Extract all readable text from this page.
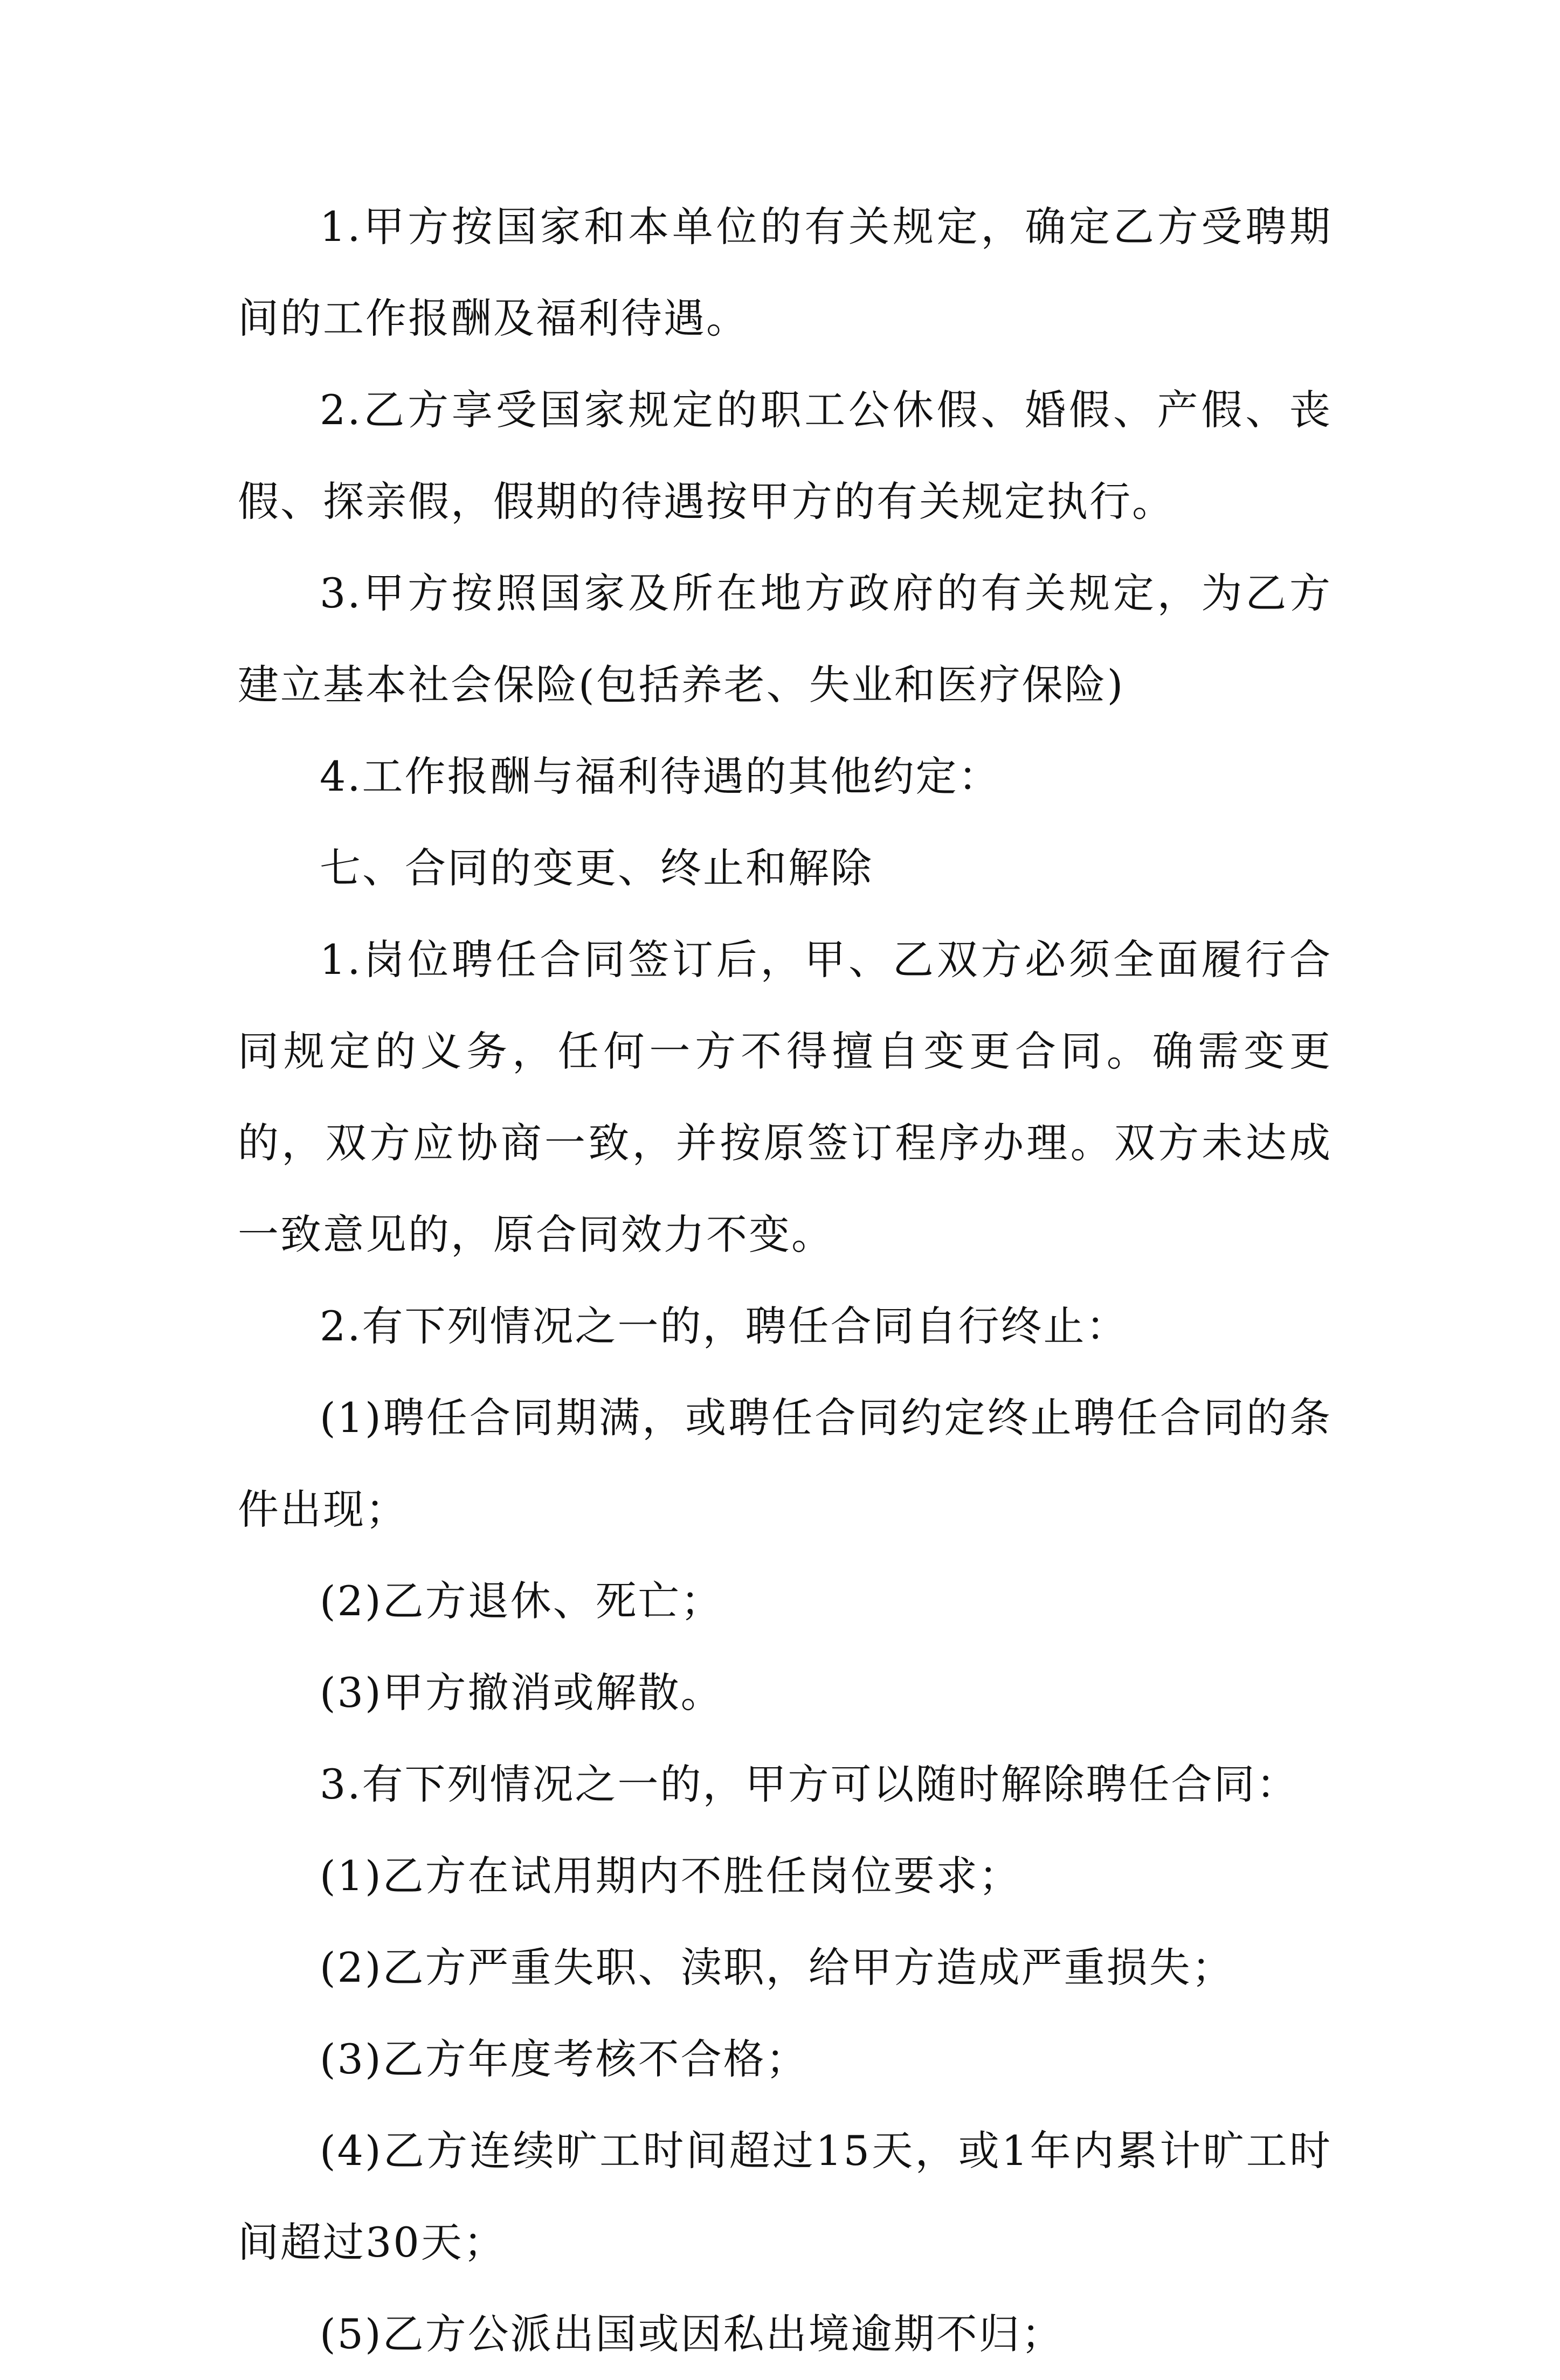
1.甲方按国家和本单位的有关规定，确定乙方受聘期间的工作报酬及福利待遇。

2.乙方享受国家规定的职工公休假、婚假、产假、丧假、探亲假，假期的待遇按甲方的有关规定执行。

3.甲方按照国家及所在地方政府的有关规定，为乙方建立基本社会保险(包括养老、失业和医疗保险)

4.工作报酬与福利待遇的其他约定：

七、合同的变更、终止和解除

1.岗位聘任合同签订后，甲、乙双方必须全面履行合同规定的义务，任何一方不得擅自变更合同。确需变更的，双方应协商一致，并按原签订程序办理。双方未达成一致意见的，原合同效力不变。

2.有下列情况之一的，聘任合同自行终止：

(1)聘任合同期满，或聘任合同约定终止聘任合同的条件出现；

(2)乙方退休、死亡；

(3)甲方撤消或解散。

3.有下列情况之一的，甲方可以随时解除聘任合同：

(1)乙方在试用期内不胜任岗位要求；

(2)乙方严重失职、渎职，给甲方造成严重损失；

(3)乙方年度考核不合格；

(4)乙方连续旷工时间超过15天，或1年内累计旷工时间超过30天；

(5)乙方公派出国或因私出境逾期不归；
